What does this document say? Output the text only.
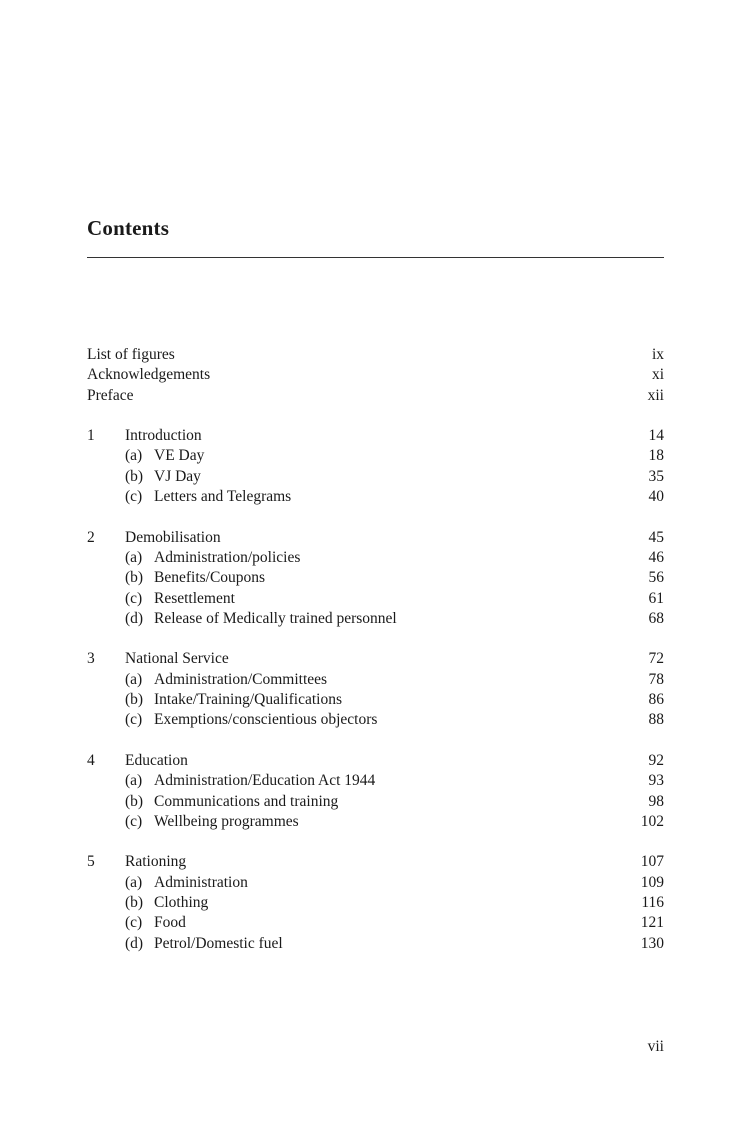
Contents
List of figures	ix
Acknowledgements	xi
Preface	xii
1 Introduction	14
(a) VE Day	18
(b) VJ Day	35
(c) Letters and Telegrams	40
2 Demobilisation	45
(a) Administration/policies	46
(b) Benefits/Coupons	56
(c) Resettlement	61
(d) Release of Medically trained personnel	68
3 National Service	72
(a) Administration/Committees	78
(b) Intake/Training/Qualifications	86
(c) Exemptions/conscientious objectors	88
4 Education	92
(a) Administration/Education Act 1944	93
(b) Communications and training	98
(c) Wellbeing programmes	102
5 Rationing	107
(a) Administration	109
(b) Clothing	116
(c) Food	121
(d) Petrol/Domestic fuel	130
vii
